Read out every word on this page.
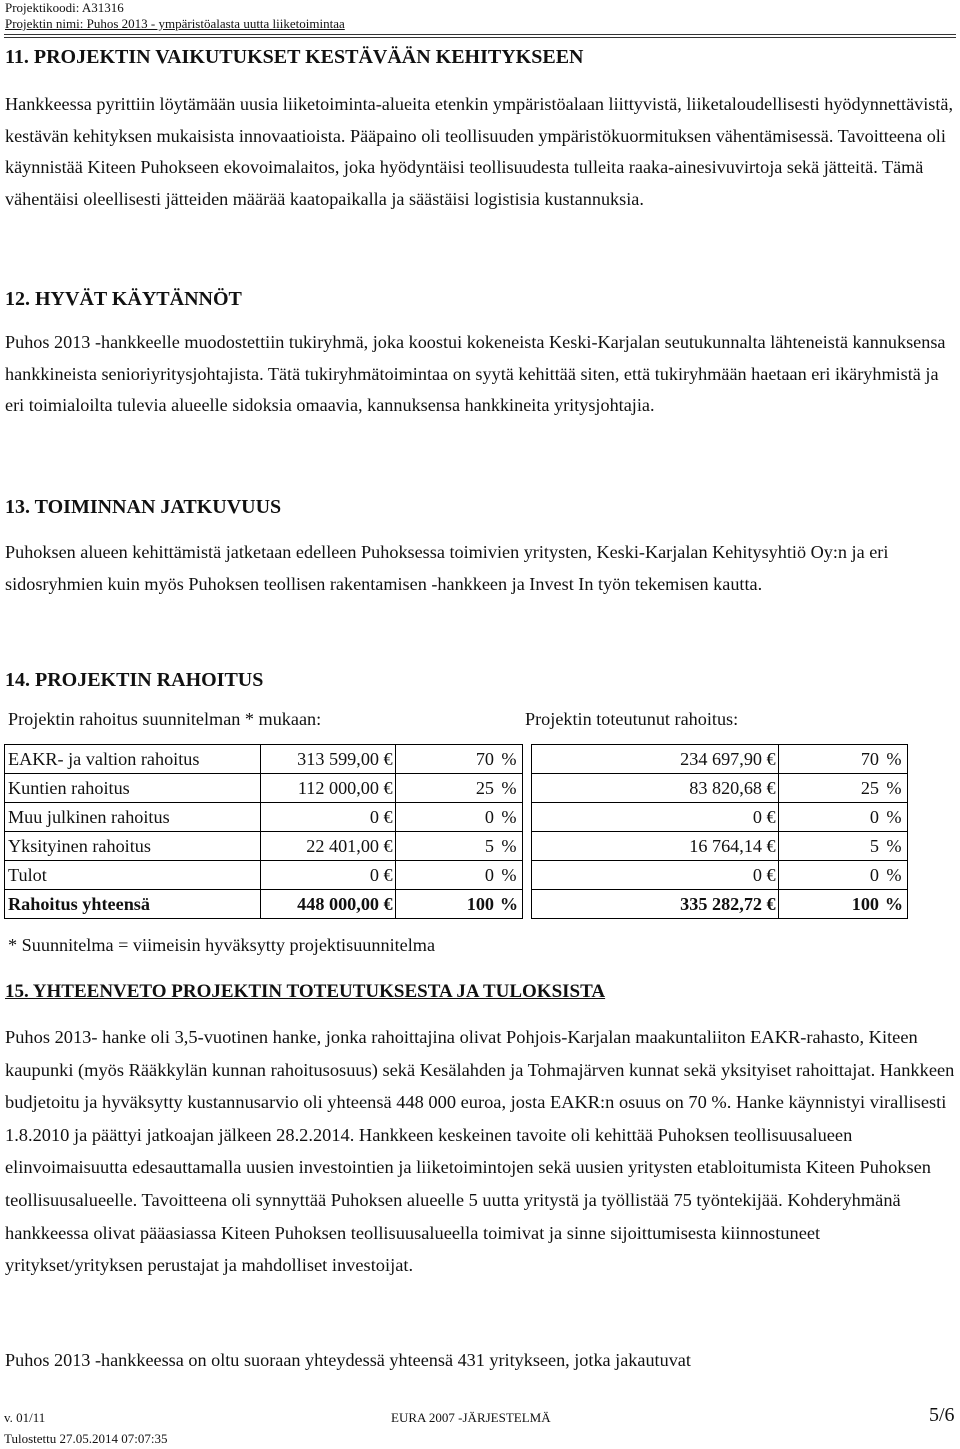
Projektikoodi: A31316
Projektin nimi: Puhos 2013 - ympäristöalasta uutta liiketoimintaa
11. PROJEKTIN VAIKUTUKSET KESTÄVÄÄN KEHITYKSEEN
Hankkeessa pyrittiin löytämään uusia liiketoiminta-alueita etenkin ympäristöalaan liittyvistä, liiketaloudellisesti hyödynnettävistä, kestävän kehityksen mukaisista innovaatioista. Pääpaino oli teollisuuden ympäristökuormituksen vähentämisessä. Tavoitteena oli käynnistää Kiteen Puhokseen ekovoimalaitos, joka hyödyntäisi teollisuudesta tulleita raaka-ainesivuvirtoja sekä jätteitä. Tämä vähentäisi oleellisesti jätteiden määrää kaatopaikalla ja säästäisi logistisia kustannuksia.
12. HYVÄT KÄYTÄNNÖT
Puhos 2013 -hankkeelle muodostettiin tukiryhmä, joka koostui kokeneista Keski-Karjalan seutukunnalta lähteneistä kannuksensa hankkineista senioriyritysjohtajista. Tätä tukiryhmätoimintaa on syytä kehittää siten, että tukiryhmään haetaan eri ikäryhmistä ja eri toimialoilta tulevia alueelle sidoksia omaavia, kannuksensa hankkineita yritysjohtajia.
13. TOIMINNAN JATKUVUUS
Puhoksen alueen kehittämistä jatketaan edelleen Puhoksessa toimivien yritysten, Keski-Karjalan Kehitysyhtiö Oy:n ja eri sidosryhmien kuin myös Puhoksen teollisen rakentamisen -hankkeen ja Invest In työn tekemisen kautta.
14. PROJEKTIN RAHOITUS
Projektin rahoitus suunnitelman * mukaan:	Projektin toteutunut rahoitus:
EAKR- ja valtion rahoitus	313 599,00	€	70	%		234 697,90	€	70	%
Kuntien rahoitus	112 000,00	€	25	%		83 820,68	€	25	%
Muu julkinen rahoitus	0	€	0	%		0	€	0	%
Yksityinen rahoitus	22 401,00	€	5	%		16 764,14	€	5	%
Tulot	0	€	0	%		0	€	0	%
Rahoitus yhteensä	448 000,00	€	100	%		335 282,72	€	100	%
* Suunnitelma = viimeisin hyväksytty projektisuunnitelma
15. YHTEENVETO PROJEKTIN TOTEUTUKSESTA JA TULOKSISTA
Puhos 2013- hanke oli 3,5-vuotinen hanke, jonka rahoittajina olivat Pohjois-Karjalan maakuntaliiton EAKR-rahasto, Kiteen kaupunki (myös Rääkkylän kunnan rahoitusosuus) sekä Kesälahden ja Tohmajärven kunnat sekä yksityiset rahoittajat. Hankkeen budjetoitu ja hyväksytty kustannusarvio oli yhteensä 448 000 euroa, josta EAKR:n osuus on 70 %. Hanke käynnistyi virallisesti 1.8.2010 ja päättyi jatkoajan jälkeen 28.2.2014. Hankkeen keskeinen tavoite oli kehittää Puhoksen teollisuusalueen elinvoimaisuutta edesauttamalla uusien investointien ja liiketoimintojen sekä uusien yritysten etabloitumista Kiteen Puhoksen teollisuusalueelle. Tavoitteena oli synnyttää Puhoksen alueelle 5 uutta yritystä ja työllistää 75 työntekijää. Kohderyhmänä hankkeessa olivat pääasiassa Kiteen Puhoksen teollisuusalueella toimivat ja sinne sijoittumisesta kiinnostuneet yritykset/yrityksen perustajat ja mahdolliset investoijat.
Puhos 2013 -hankkeessa on oltu suoraan yhteydessä yhteensä 431 yritykseen, jotka jakautuvat
v. 01/11	EURA 2007 -JÄRJESTELMÄ
Tulostettu 27.05.2014 07:07:35
5/6
